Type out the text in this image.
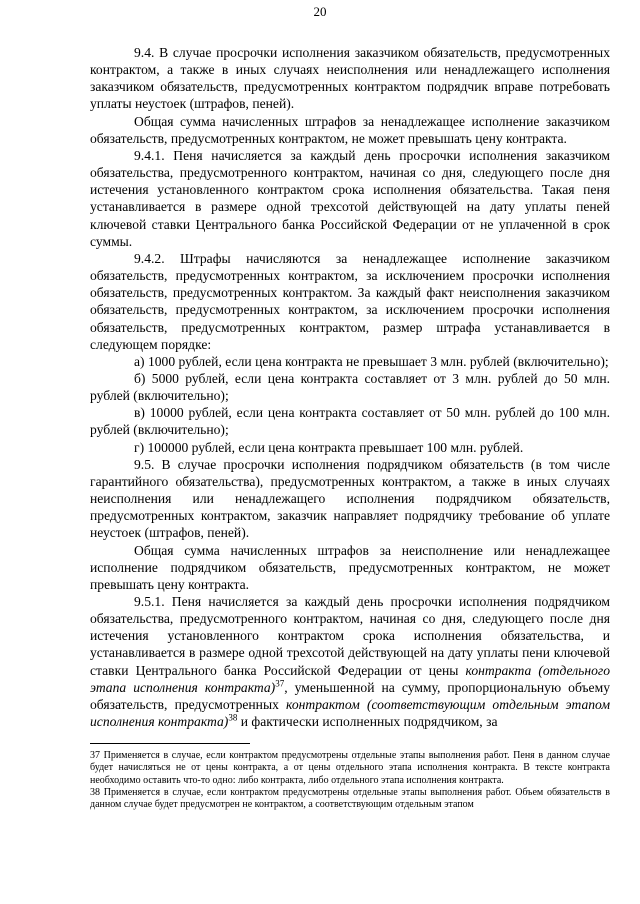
20

9.4. В случае просрочки исполнения заказчиком обязательств, предусмотренных контрактом, а также в иных случаях неисполнения или ненадлежащего исполнения заказчиком обязательств, предусмотренных контрактом подрядчик вправе потребовать уплаты неустоек (штрафов, пеней).

Общая сумма начисленных штрафов за ненадлежащее исполнение заказчиком обязательств, предусмотренных контрактом, не может превышать цену контракта.

9.4.1. Пеня начисляется за каждый день просрочки исполнения заказчиком обязательства, предусмотренного контрактом, начиная со дня, следующего после дня истечения установленного контрактом срока исполнения обязательства. Такая пеня устанавливается в размере одной трехсотой действующей на дату уплаты пеней ключевой ставки Центрального банка Российской Федерации от не уплаченной в срок суммы.

9.4.2. Штрафы начисляются за ненадлежащее исполнение заказчиком обязательств, предусмотренных контрактом, за исключением просрочки исполнения обязательств, предусмотренных контрактом. За каждый факт неисполнения заказчиком обязательств, предусмотренных контрактом, за исключением просрочки исполнения обязательств, предусмотренных контрактом, размер штрафа устанавливается в следующем порядке:

а) 1000 рублей, если цена контракта не превышает 3 млн. рублей (включительно);

б) 5000 рублей, если цена контракта составляет от 3 млн. рублей до 50 млн. рублей (включительно);

в) 10000 рублей, если цена контракта составляет от 50 млн. рублей до 100 млн. рублей (включительно);

г) 100000 рублей, если цена контракта превышает 100 млн. рублей.

9.5. В случае просрочки исполнения подрядчиком обязательств (в том числе гарантийного обязательства), предусмотренных контрактом, а также в иных случаях неисполнения или ненадлежащего исполнения подрядчиком обязательств, предусмотренных контрактом, заказчик направляет подрядчику требование об уплате неустоек (штрафов, пеней).

Общая сумма начисленных штрафов за неисполнение или ненадлежащее исполнение подрядчиком обязательств, предусмотренных контрактом, не может превышать цену контракта.

9.5.1. Пеня начисляется за каждый день просрочки исполнения подрядчиком обязательства, предусмотренного контрактом, начиная со дня, следующего после дня истечения установленного контрактом срока исполнения обязательства, и устанавливается в размере одной трехсотой действующей на дату уплаты пени ключевой ставки Центрального банка Российской Федерации от цены контракта (отдельного этапа исполнения контракта)$^{37}$, уменьшенной на сумму, пропорциональную объему обязательств, предусмотренных контрактом (соответствующим отдельным этапом исполнения контракта)$^{38}$ и фактически исполненных подрядчиком, за

37 Применяется в случае, если контрактом предусмотрены отдельные этапы выполнения работ. Пеня в данном случае будет начисляться не от цены контракта, а от цены отдельного этапа исполнения контракта. В тексте контракта необходимо оставить что-то одно: либо контракта, либо отдельного этапа исполнения контракта.

38 Применяется в случае, если контрактом предусмотрены отдельные этапы выполнения работ. Объем обязательств в данном случае будет предусмотрен не контрактом, а соответствующим отдельным этапом
